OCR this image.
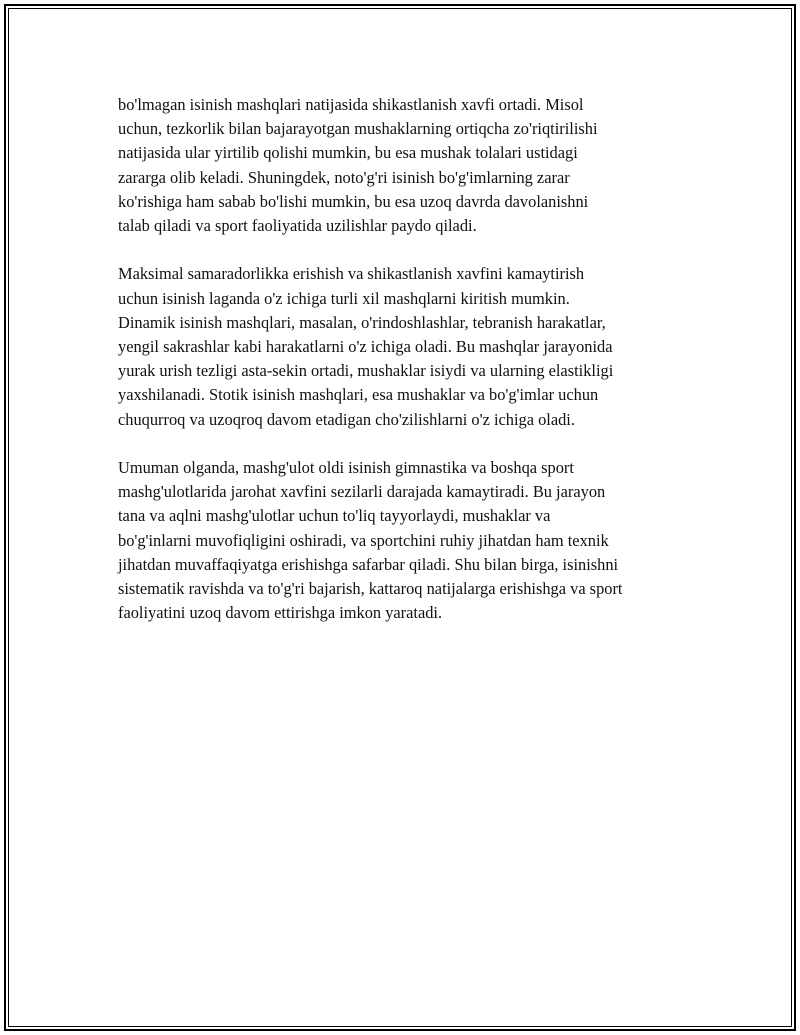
bo'lmagan isinish mashqlari natijasida shikastlanish xavfi ortadi. Misol
uchun, tezkorlik bilan bajarayotgan mushaklarning ortiqcha zo'riqtirilishi
natijasida ular yirtilib qolishi mumkin, bu esa mushak tolalari ustidagi
zararga olib keladi. Shuningdek, noto'g'ri isinish bo'g'imlarning zarar
ko'rishiga ham sabab bo'lishi mumkin, bu esa uzoq davrda davolanishni
talab qiladi va sport faoliyatida uzilishlar paydo qiladi.

Maksimal samaradorlikka erishish va shikastlanish xavfini kamaytirish
uchun isinish laganda o'z ichiga turli xil mashqlarni kiritish mumkin.
Dinamik isinish mashqlari, masalan, o'rindoshlashlar, tebranish harakatlar,
yengil sakrashlar kabi harakatlarni o'z ichiga oladi. Bu mashqlar jarayonida
yurak urish tezligi asta-sekin ortadi, mushaklar isiydi va ularning elastikligi
yaxshilanadi. Stotik isinish mashqlari, esa mushaklar va bo'g'imlar uchun
chuqurroq va uzoqroq davom etadigan cho'zilishlarni o'z ichiga oladi.

Umuman olganda, mashg'ulot oldi isinish gimnastika va boshqa sport
mashg'ulotlarida jarohat xavfini sezilarli darajada kamaytiradi. Bu jarayon
tana va aqlni mashg'ulotlar uchun to'liq tayyorlaydi, mushaklar va
bo'g'inlarni muvofiqligini oshiradi, va sportchini ruhiy jihatdan ham texnik
jihatdan muvaffaqiyatga erishishga safarbar qiladi. Shu bilan birga, isinishni
sistematik ravishda va to'g'ri bajarish, kattaroq natijalarga erishishga va sport
faoliyatini uzoq davom ettirishga imkon yaratadi.
